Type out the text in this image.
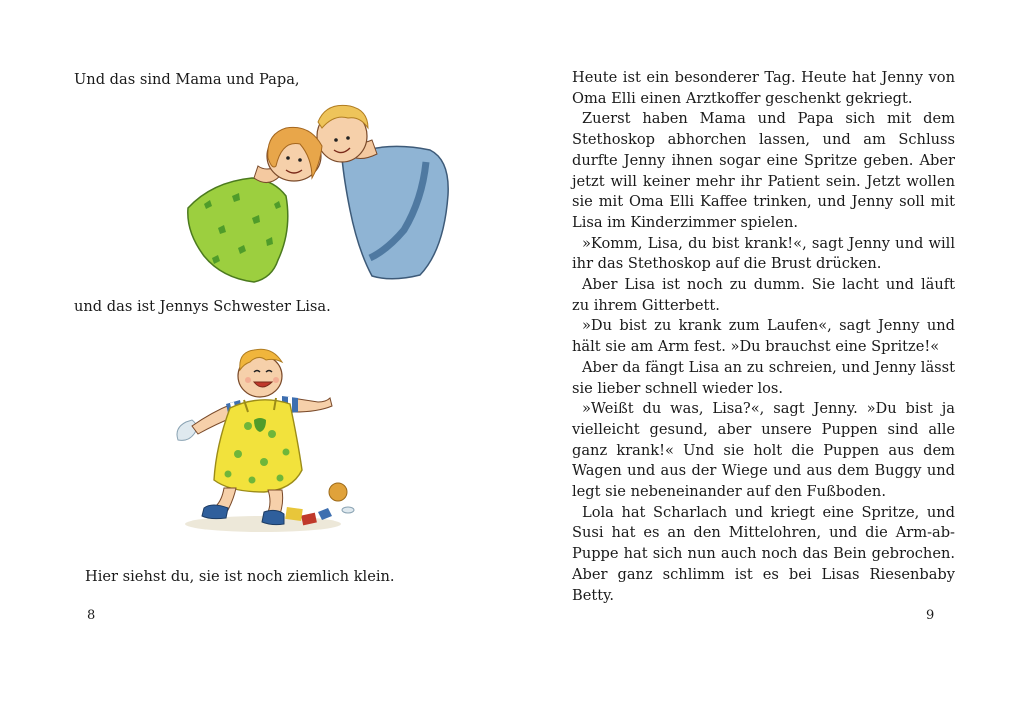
Und das sind Mama und Papa,
und das ist Jennys Schwester Lisa.
Hier siehst du, sie ist noch ziemlich klein.
8

Heute ist ein besonderer Tag. Heute hat Jenny von Oma Elli einen Arztkoffer geschenkt gekriegt.

Zuerst haben Mama und Papa sich mit dem Stethoskop abhorchen lassen, und am Schluss durfte Jenny ihnen sogar eine Spritze geben. Aber jetzt will keiner mehr ihr Patient sein. Jetzt wollen sie mit Oma Elli Kaffee trinken, und Jenny soll mit Lisa im Kinderzimmer spielen.

»Komm, Lisa, du bist krank!«, sagt Jenny und will ihr das Stethoskop auf die Brust drücken.

Aber Lisa ist noch zu dumm. Sie lacht und läuft zu ihrem Gitterbett.

»Du bist zu krank zum Laufen«, sagt Jenny und hält sie am Arm fest. »Du brauchst eine Spritze!«

Aber da fängt Lisa an zu schreien, und Jenny lässt sie lieber schnell wieder los.

»Weißt du was, Lisa?«, sagt Jenny. »Du bist ja vielleicht gesund, aber unsere Puppen sind alle ganz krank!« Und sie holt die Puppen aus dem Wagen und aus der Wiege und aus dem Buggy und legt sie nebeneinander auf den Fußboden.

Lola hat Scharlach und kriegt eine Spritze, und Susi hat es an den Mittelohren, und die Arm-ab-Puppe hat sich nun auch noch das Bein gebrochen. Aber ganz schlimm ist es bei Lisas Riesenbaby Betty.

9
